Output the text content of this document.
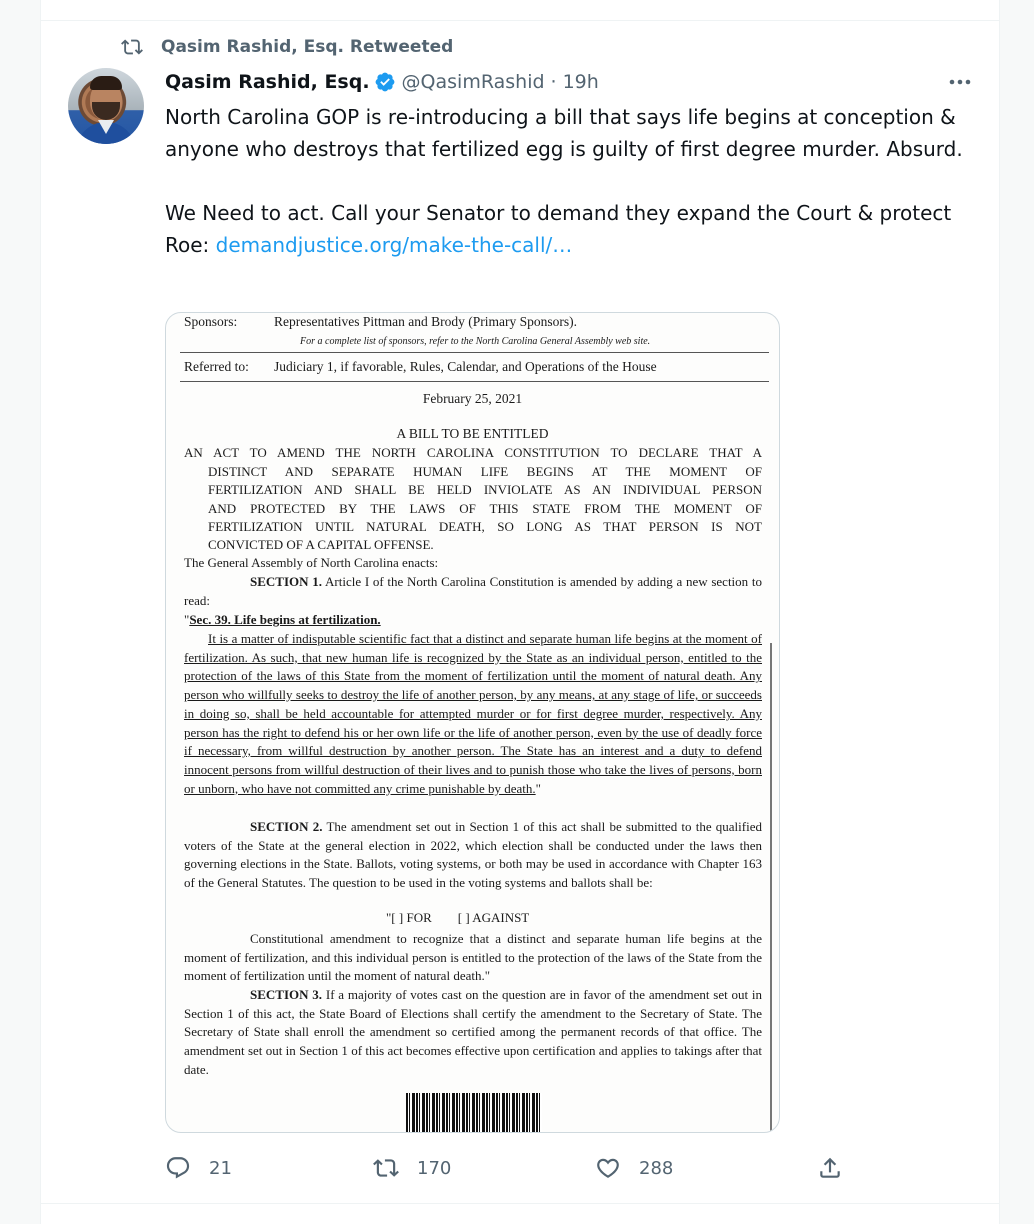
Qasim Rashid, Esq. Retweeted
Qasim Rashid, Esq. @QasimRashid · 19h

North Carolina GOP is re-introducing a bill that says life begins at conception & anyone who destroys that fertilized egg is guilty of first degree murder. Absurd.

We Need to act. Call your Senator to demand they expand the Court & protect Roe: demandjustice.org/make-the-call/…

Sponsors:	Representatives Pittman and Brody (Primary Sponsors).
For a complete list of sponsors, refer to the North Carolina General Assembly web site.
Referred to: Judiciary 1, if favorable, Rules, Calendar, and Operations of the House
February 25, 2021
A BILL TO BE ENTITLED
AN ACT TO AMEND THE NORTH CAROLINA CONSTITUTION TO DECLARE THAT A
DISTINCT AND SEPARATE HUMAN LIFE BEGINS AT THE MOMENT OF
FERTILIZATION AND SHALL BE HELD INVIOLATE AS AN INDIVIDUAL PERSON
AND PROTECTED BY THE LAWS OF THIS STATE FROM THE MOMENT OF
FERTILIZATION UNTIL NATURAL DEATH, SO LONG AS THAT PERSON IS NOT
CONVICTED OF A CAPITAL OFFENSE.
The General Assembly of North Carolina enacts:
SECTION 1. Article I of the North Carolina Constitution is amended by adding a new section to read:
"Sec. 39. Life begins at fertilization.
It is a matter of indisputable scientific fact that a distinct and separate human life begins at the moment of fertilization. As such, that new human life is recognized by the State as an individual person, entitled to the protection of the laws of this State from the moment of fertilization until the moment of natural death. Any person who willfully seeks to destroy the life of another person, by any means, at any stage of life, or succeeds in doing so, shall be held accountable for attempted murder or for first degree murder, respectively. Any person has the right to defend his or her own life or the life of another person, even by the use of deadly force if necessary, from willful destruction by another person. The State has an interest and a duty to defend innocent persons from willful destruction of their lives and to punish those who take the lives of persons, born or unborn, who have not committed any crime punishable by death."
SECTION 2. The amendment set out in Section 1 of this act shall be submitted to the qualified voters of the State at the general election in 2022, which election shall be conducted under the laws then governing elections in the State. Ballots, voting systems, or both may be used in accordance with Chapter 163 of the General Statutes. The question to be used in the voting systems and ballots shall be:
"[ ] FOR        [ ] AGAINST
Constitutional amendment to recognize that a distinct and separate human life begins at the moment of fertilization, and this individual person is entitled to the protection of the laws of the State from the moment of fertilization until the moment of natural death."
SECTION 3. If a majority of votes cast on the question are in favor of the amendment set out in Section 1 of this act, the State Board of Elections shall certify the amendment to the Secretary of State. The Secretary of State shall enroll the amendment so certified among the permanent records of that office. The amendment set out in Section 1 of this act becomes effective upon certification and applies to takings after that date.
21	170	288
